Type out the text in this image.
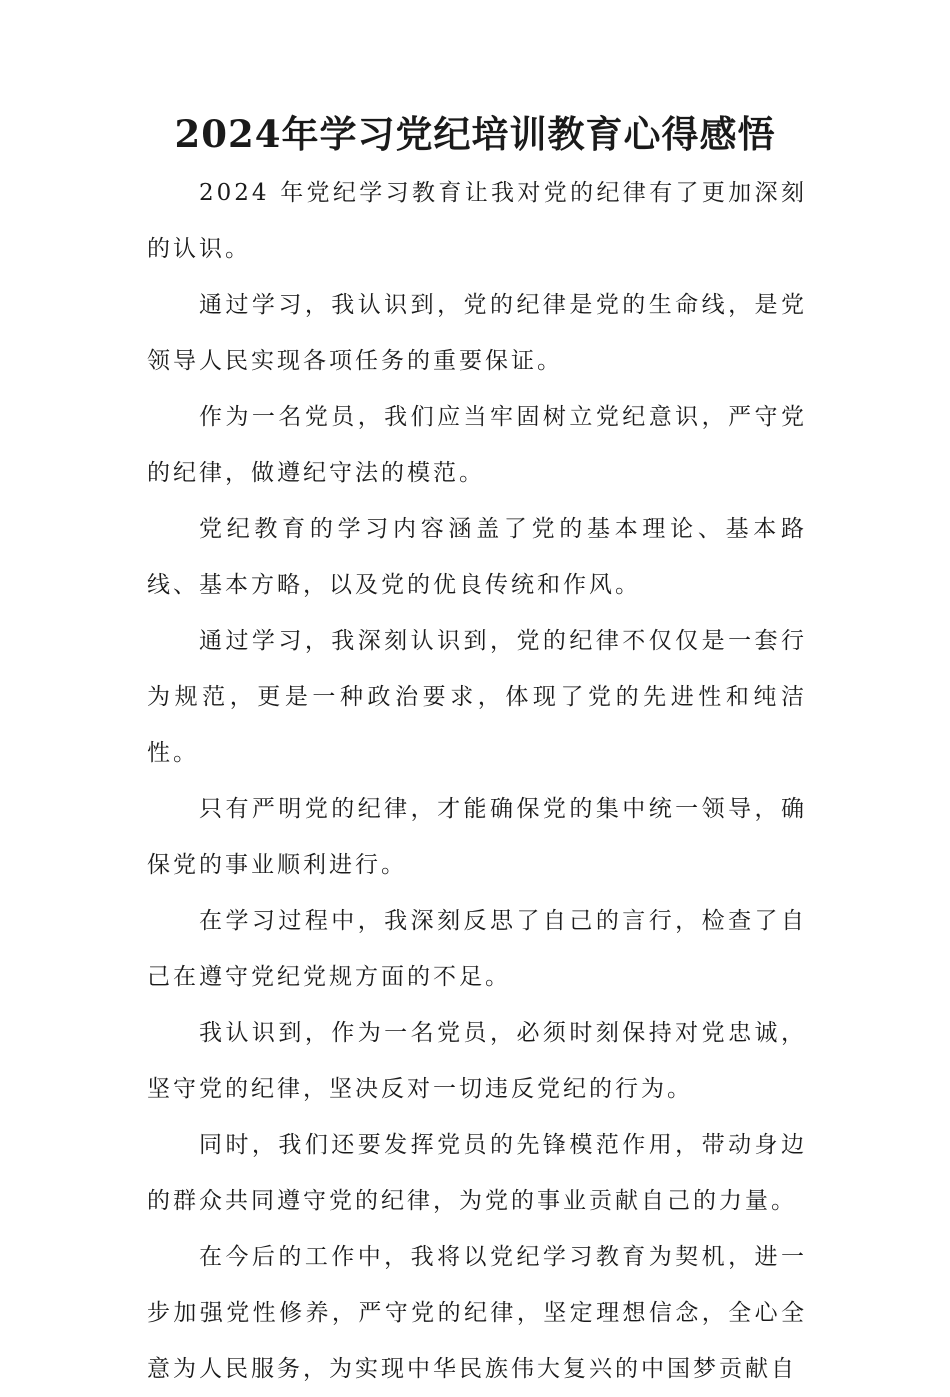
2024年学习党纪培训教育心得感悟

2024 年党纪学习教育让我对党的纪律有了更加深刻的认识。

通过学习，我认识到，党的纪律是党的生命线，是党领导人民实现各项任务的重要保证。

作为一名党员，我们应当牢固树立党纪意识，严守党的纪律，做遵纪守法的模范。

党纪教育的学习内容涵盖了党的基本理论、基本路线、基本方略，以及党的优良传统和作风。

通过学习，我深刻认识到，党的纪律不仅仅是一套行为规范，更是一种政治要求，体现了党的先进性和纯洁性。

只有严明党的纪律，才能确保党的集中统一领导，确保党的事业顺利进行。

在学习过程中，我深刻反思了自己的言行，检查了自己在遵守党纪党规方面的不足。

我认识到，作为一名党员，必须时刻保持对党忠诚，坚守党的纪律，坚决反对一切违反党纪的行为。

同时，我们还要发挥党员的先锋模范作用，带动身边的群众共同遵守党的纪律，为党的事业贡献自己的力量。

在今后的工作中，我将以党纪学习教育为契机，进一步加强党性修养，严守党的纪律，坚定理想信念，全心全意为人民服务，为实现中华民族伟大复兴的中国梦贡献自
